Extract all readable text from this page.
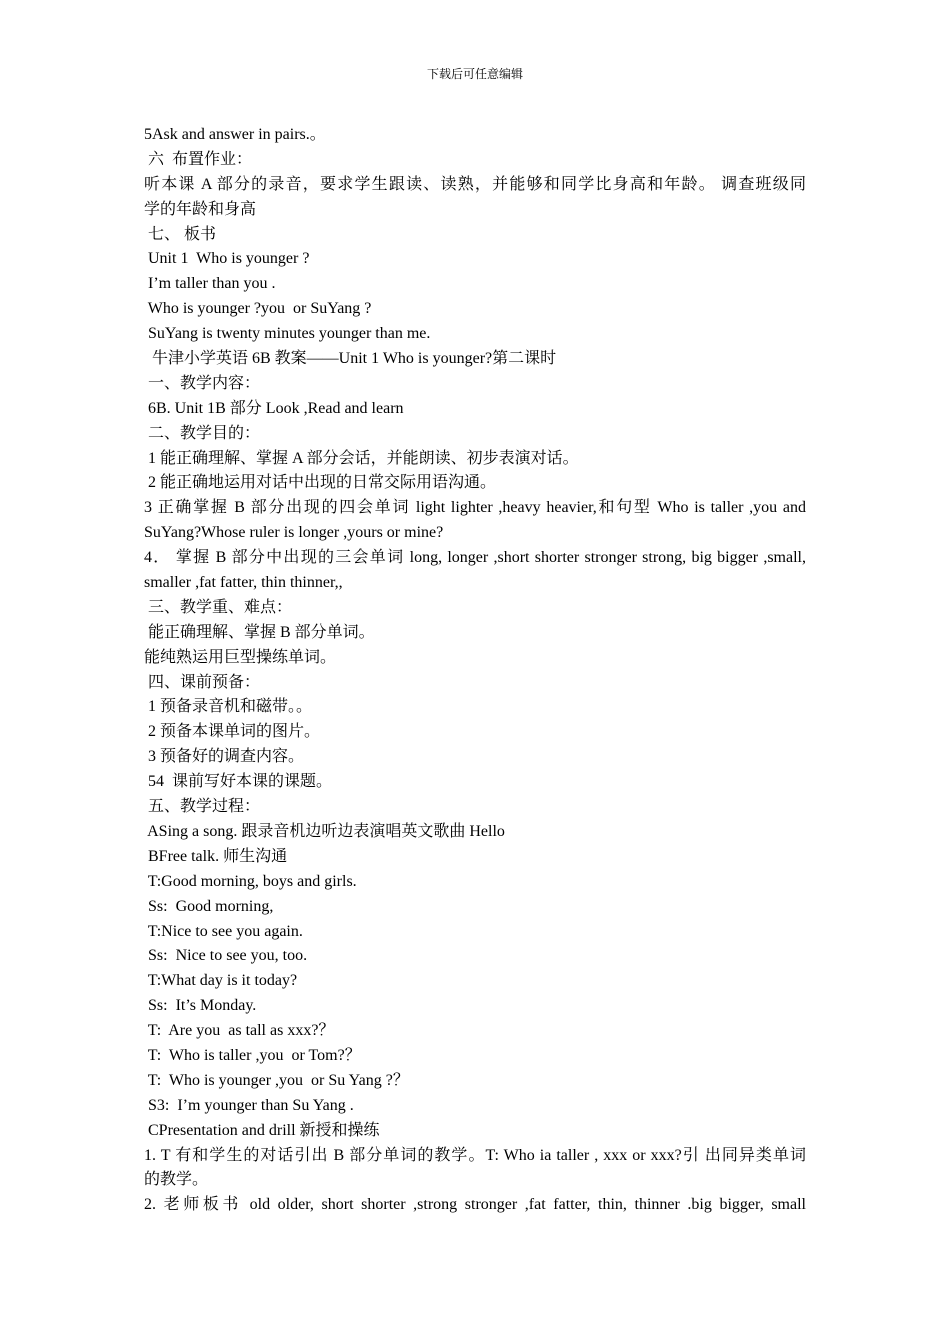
下载后可任意编辑
5Ask and answer in pairs.。
六  布置作业：
听本课 A 部分的录音，要求学生跟读、读熟，并能够和同学比身高和年龄。 调查班级同
学的年龄和身高
七、 板书
Unit 1  Who is younger ?
I’m taller than you .
Who is younger ?you  or SuYang ?
SuYang is twenty minutes younger than me.
牛津小学英语 6B 教案——Unit 1 Who is younger?第二课时
一、教学内容：
6B. Unit 1B 部分 Look ,Read and learn
二、教学目的：
1 能正确理解、掌握 A 部分会话，并能朗读、初步表演对话。
2 能正确地运用对话中出现的日常交际用语沟通。
3 正确掌握 B 部分出现的四会单词 light lighter ,heavy heavier,和句型 Who is taller ,you and
SuYang?Whose ruler is longer ,yours or mine?
4． 掌握 B 部分中出现的三会单词 long, longer ,short shorter stronger strong, big bigger ,small,
smaller ,fat fatter, thin thinner,,
三、教学重、难点：
能正确理解、掌握 B 部分单词。
能纯熟运用巨型操练单词。
四、课前预备：
1 预备录音机和磁带。。
2 预备本课单词的图片。
3 预备好的调查内容。
54  课前写好本课的课题。
五、教学过程：
ASing a song. 跟录音机边听边表演唱英文歌曲 Hello
BFree talk. 师生沟通
T:Good morning, boys and girls.
Ss:  Good morning,
T:Nice to see you again.
Ss:  Nice to see you, too.
T:What day is it today?
Ss:  It’s Monday.
T:  Are you  as tall as xxx?？
T:  Who is taller ,you  or Tom?？
T:  Who is younger ,you  or Su Yang ?？
S3:  I’m younger than Su Yang .
CPresentation and drill 新授和操练
1. T 有和学生的对话引出 B 部分单词的教学。T: Who ia taller , xxx or xxx?引 出同异类单词
的教学。
2. 老师板书 old older, short shorter ,strong stronger ,fat fatter, thin, thinner .big bigger, small
